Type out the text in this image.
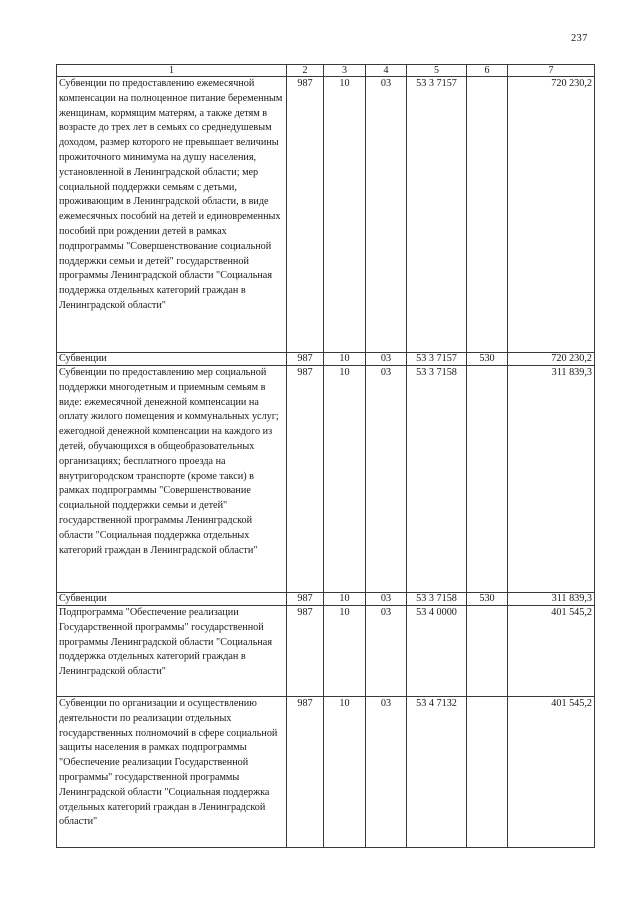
237
1	2	3	4	5	6	7
Субвенции по предоставлению ежемесячной компенсации на полноценное питание беременным женщинам, кормящим матерям, а также детям в возрасте до трех лет в семьях со среднедушевым доходом, размер которого не превышает величины прожиточного минимума на душу населения, установленной в Ленинградской области; мер социальной поддержки семьям с детьми, проживающим в Ленинградской области, в виде ежемесячных пособий на детей и единовременных пособий при рождении детей в рамках подпрограммы "Совершенствование социальной поддержки семьи и детей" государственной программы Ленинградской области "Социальная поддержка отдельных категорий граждан в Ленинградской области"	987	10	03	53 3 7157		720 230,2
Субвенции	987	10	03	53 3 7157	530	720 230,2
Субвенции по предоставлению мер социальной поддержки многодетным и приемным семьям в виде: ежемесячной денежной компенсации на оплату жилого помещения и коммунальных услуг; ежегодной денежной компенсации на каждого из детей, обучающихся в общеобразовательных организациях; бесплатного проезда на внутригородском транспорте (кроме такси) в рамках подпрограммы "Совершенствование социальной поддержки семьи и детей" государственной программы Ленинградской области "Социальная поддержка отдельных категорий граждан в Ленинградской области"	987	10	03	53 3 7158		311 839,3
Субвенции	987	10	03	53 3 7158	530	311 839,3
Подпрограмма "Обеспечение реализации Государственной программы" государственной программы Ленинградской области "Социальная поддержка отдельных категорий граждан в Ленинградской области"	987	10	03	53 4 0000		401 545,2
Субвенции по организации и осуществлению деятельности по реализации отдельных государственных полномочий в сфере социальной защиты населения в рамках подпрограммы "Обеспечение реализации Государственной программы" государственной программы Ленинградской области "Социальная поддержка отдельных категорий граждан в Ленинградской области"	987	10	03	53 4 7132		401 545,2
